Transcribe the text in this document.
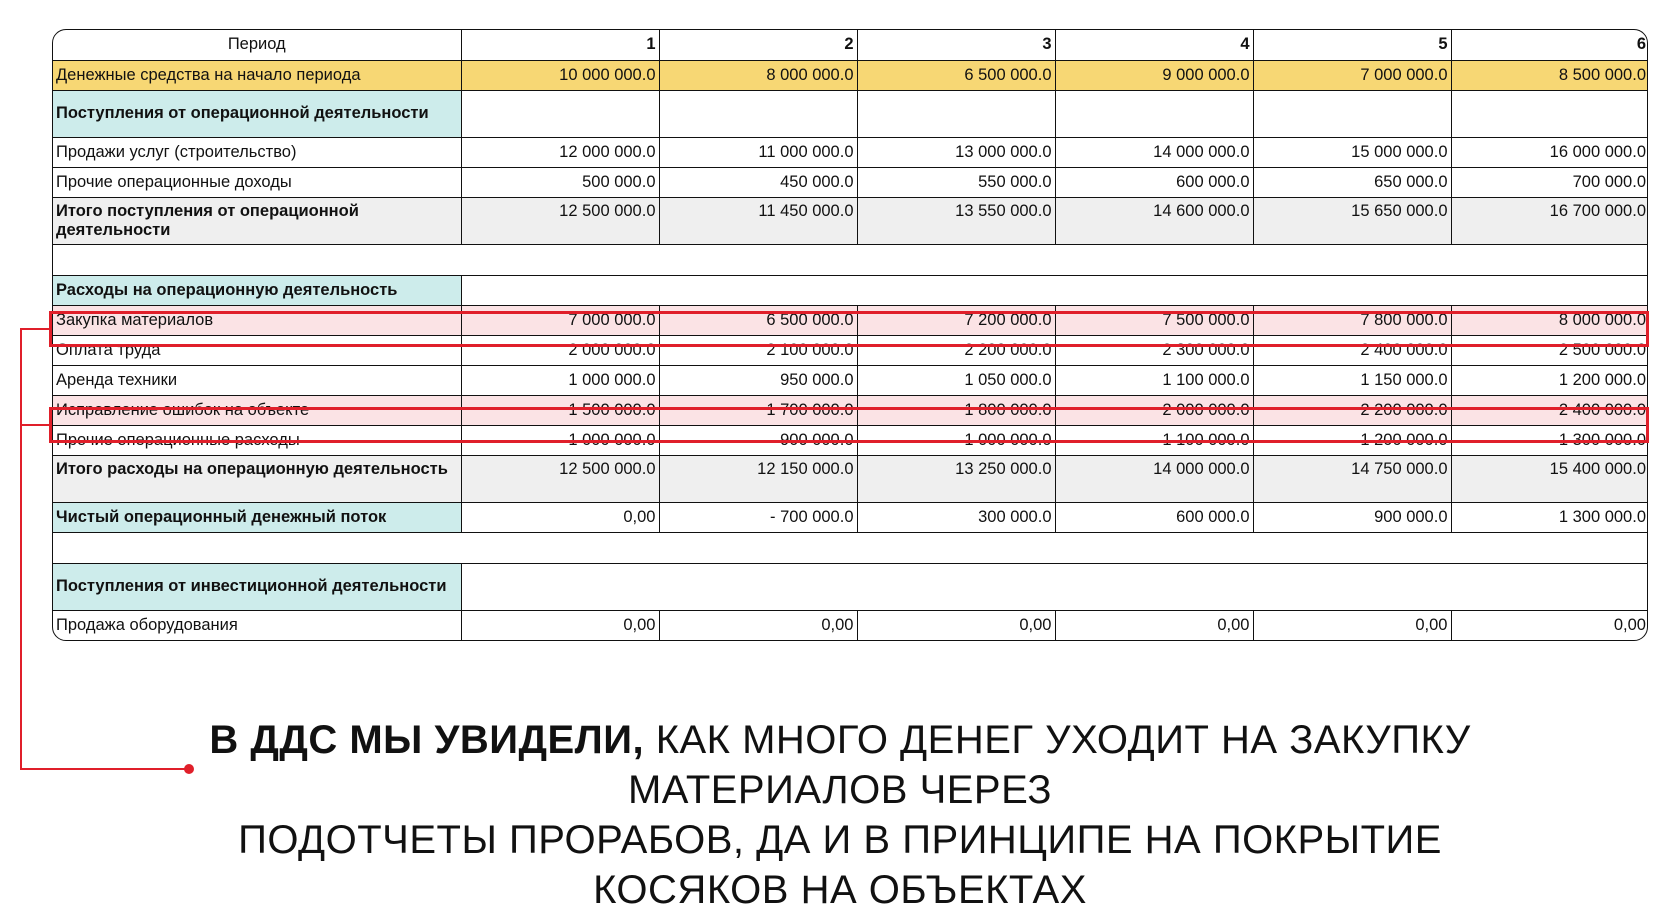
Период	1	2	3	4	5	6
Денежные средства на начало периода	10 000 000.0	8 000 000.0	6 500 000.0	9 000 000.0	7 000 000.0	8 500 000.0
Поступления от операционной деятельности						
Продажи услуг (строительство)	12 000 000.0	11 000 000.0	13 000 000.0	14 000 000.0	15 000 000.0	16 000 000.0
Прочие операционные доходы	500 000.0	450 000.0	550 000.0	600 000.0	650 000.0	700 000.0
Итого поступления от операционной деятельности	12 500 000.0	11 450 000.0	13 550 000.0	14 600 000.0	15 650 000.0	16 700 000.0

Расходы на операционную деятельность						
Закупка материалов	7 000 000.0	6 500 000.0	7 200 000.0	7 500 000.0	7 800 000.0	8 000 000.0
Оплата труда	2 000 000.0	2 100 000.0	2 200 000.0	2 300 000.0	2 400 000.0	2 500 000.0
Аренда техники	1 000 000.0	950 000.0	1 050 000.0	1 100 000.0	1 150 000.0	1 200 000.0
Исправление ошибок на объекте	1 500 000.0	1 700 000.0	1 800 000.0	2 000 000.0	2 200 000.0	2 400 000.0
Прочие операционные расходы	1 000 000.0	900 000.0	1 000 000.0	1 100 000.0	1 200 000.0	1 300 000.0
Итого расходы на операционную деятельность	12 500 000.0	12 150 000.0	13 250 000.0	14 000 000.0	14 750 000.0	15 400 000.0
Чистый операционный денежный поток	0,00	- 700 000.0	300 000.0	600 000.0	900 000.0	1 300 000.0

Поступления от инвестиционной деятельности						
Продажа оборудования	0,00	0,00	0,00	0,00	0,00	0,00
В ДДС МЫ УВИДЕЛИ, КАК МНОГО ДЕНЕГ УХОДИТ НА ЗАКУПКУ МАТЕРИАЛОВ ЧЕРЕЗ
ПОДОТЧЕТЫ ПРОРАБОВ, ДА И В ПРИНЦИПЕ НА ПОКРЫТИЕ КОСЯКОВ НА ОБЪЕКТАХ
